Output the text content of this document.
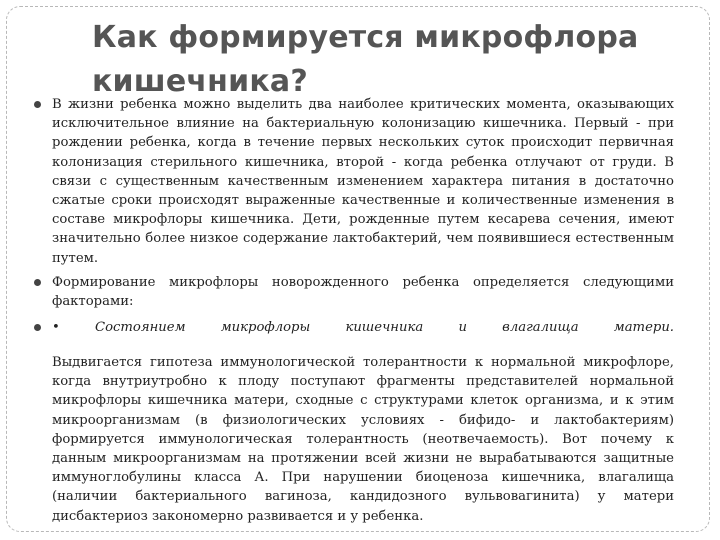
Как формируется микрофлора кишечника?

В жизни ребенка можно выделить два наиболее критических момента, оказывающих исключительное влияние на бактериальную колонизацию кишечника. Первый - при рождении ребенка, когда в течение первых нескольких суток происходит первичная колонизация стерильного кишечника, второй - когда ребенка отлучают от груди. В связи с существенным качественным изменением характера питания в достаточно сжатые сроки происходят выраженные качественные и количественные изменения в составе микрофлоры кишечника. Дети, рожденные путем кесарева сечения, имеют значительно более низкое содержание лактобактерий, чем появившиеся естественным путем.

Формирование микрофлоры новорожденного ребенка определяется следующими факторами:

• Состоянием микрофлоры кишечника и влагалища матери.

Выдвигается гипотеза иммунологической толерантности к нормальной микрофлоре, когда внутриутробно к плоду поступают фрагменты представителей нормальной микрофлоры кишечника матери, сходные с структурами клеток организма, и к этим микроорганизмам (в физиологических условиях - бифидо- и лактобактериям) формируется иммунологическая толерантность (неотвечаемость). Вот почему к данным микроорганизмам на протяжении всей жизни не вырабатываются защитные иммуноглобулины класса А. При нарушении биоценоза кишечника, влагалища (наличии бактериального вагиноза, кандидозного вульвовагинита) у матери дисбактериоз закономерно развивается и у ребенка.
